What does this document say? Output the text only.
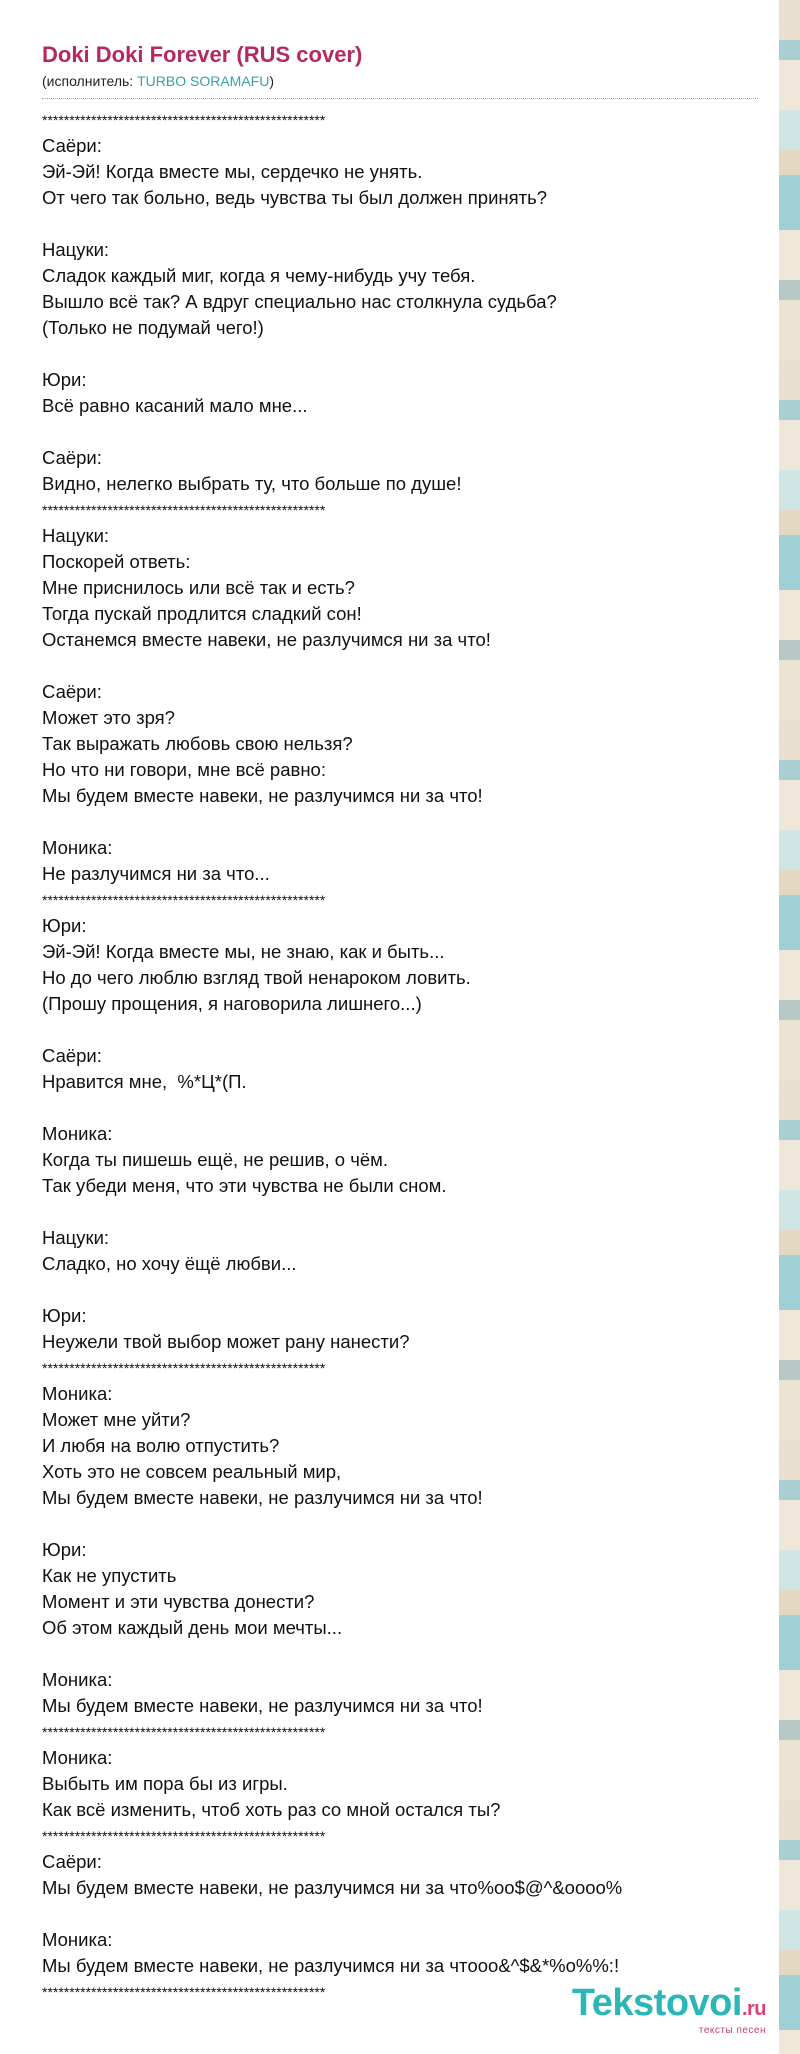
Doki Doki Forever (RUS cover)
(исполнитель: TURBO SORAMAFU)
****************************************************
Саёри:
Эй-Эй! Когда вместе мы, сердечко не унять.
От чего так больно, ведь чувства ты был должен принять?
Нацуки:
Сладок каждый миг, когда я чему-нибудь учу тебя.
Вышло всё так? А вдруг специально нас столкнула судьба?
(Только не подумай чего!)
Юри:
Всё равно касаний мало мне...
Саёри:
Видно, нелегко выбрать ту, что больше по душе!
****************************************************
Нацуки:
Поскорей ответь:
Мне приснилось или всё так и есть?
Тогда пускай продлится сладкий сон!
Останемся вместе навеки, не разлучимся ни за что!
Саёри:
Может это зря?
Так выражать любовь свою нельзя?
Но что ни говори, мне всё равно:
Мы будем вместе навеки, не разлучимся ни за что!
Моника:
Не разлучимся ни за что...
****************************************************
Юри:
Эй-Эй! Когда вместе мы, не знаю, как и быть...
Но до чего люблю взгляд твой ненароком ловить.
(Прошу прощения, я наговорила лишнего...)
Саёри:
Нравится мне,  %*Ц*(П.
Моника:
Когда ты пишешь ещё, не решив, о чём.
Так убеди меня, что эти чувства не были сном.
Нацуки:
Сладко, но хочу ёщё любви...
Юри:
Неужели твой выбор может рану нанести?
****************************************************
Моника:
Может мне уйти?
И любя на волю отпустить?
Хоть это не совсем реальный мир,
Мы будем вместе навеки, не разлучимся ни за что!
Юри:
Как не упустить
Момент и эти чувства донести?
Об этом каждый день мои мечты...
Моника:
Мы будем вместе навеки, не разлучимся ни за что!
****************************************************
Моника:
Выбыть им пора бы из игры.
Как всё изменить, чтоб хоть раз со мной остался ты?
****************************************************
Саёри:
Мы будем вместе навеки, не разлучимся ни за что%oo$@^&oooo%
Моника:
Мы будем вместе навеки, не разлучимся ни за чтooo&^$&*%o%%:!
****************************************************	Tekstovoi.ru
тексты песен
